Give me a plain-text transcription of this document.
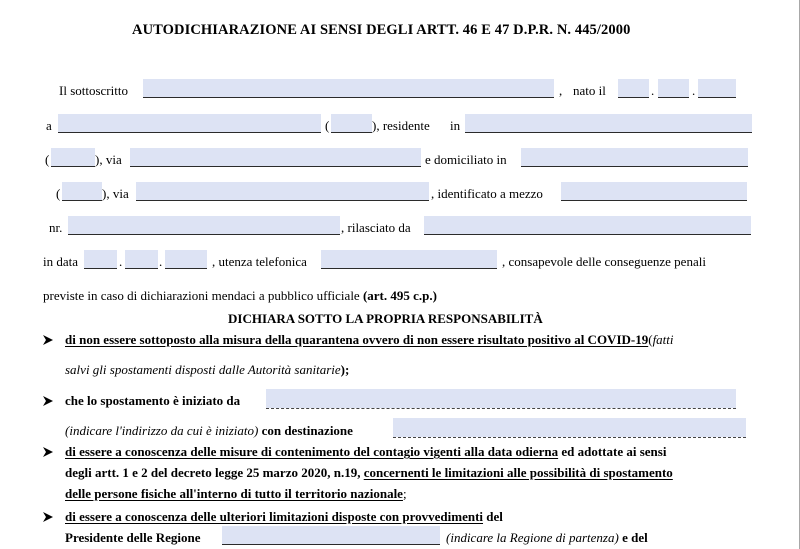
AUTODICHIARAZIONE AI SENSI DEGLI ARTT. 46 E 47 D.P.R. N. 445/2000
Il sottoscritto	, nato il	.	.
a	(	), residente in
(	), via	e domiciliato in
(	), via	, identificato a mezzo
nr.	, rilasciato da
in data	.	.	, utenza telefonica	, consapevole delle conseguenze penali
previste in caso di dichiarazioni mendaci a pubblico ufficiale (art. 495 c.p.)
DICHIARA SOTTO LA PROPRIA RESPONSABILITÀ
di non essere sottoposto alla misura della quarantena ovvero di non essere risultato positivo al COVID-19(fatti
salvi gli spostamenti disposti dalle Autorità sanitarie);
che lo spostamento è iniziato da
(indicare l'indirizzo da cui è iniziato) con destinazione
di essere a conoscenza delle misure di contenimento del contagio vigenti alla data odierna ed adottate ai sensi
degli artt. 1 e 2 del decreto legge 25 marzo 2020, n.19, concernenti le limitazioni alle possibilità di spostamento
delle persone fisiche all'interno di tutto il territorio nazionale;
di essere a conoscenza delle ulteriori limitazioni disposte con provvedimenti del
Presidente delle Regione	(indicare la Regione di partenza) e del
